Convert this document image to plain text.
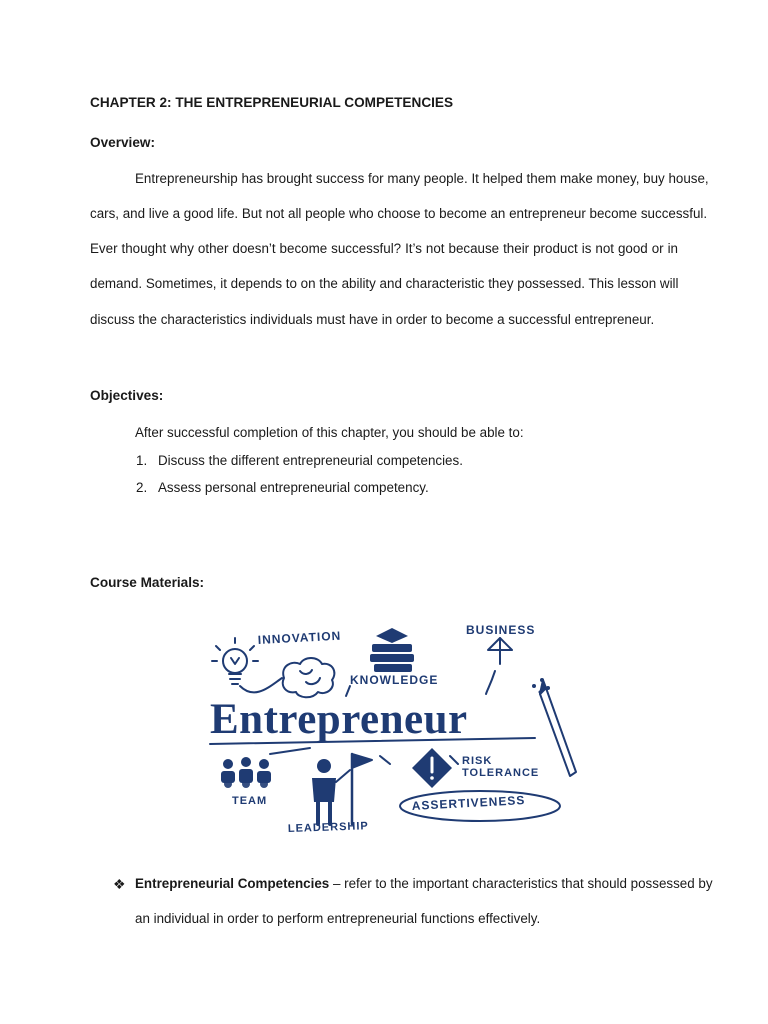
CHAPTER 2: THE ENTREPRENEURIAL COMPETENCIES
Overview:
Entrepreneurship has brought success for many people. It helped them make money, buy house,
cars, and live a good life. But not all people who choose to become an entrepreneur become successful.
Ever thought why other doesn’t become successful? It’s not because their product is not good or in
demand. Sometimes, it depends to on the ability and characteristic they possessed. This lesson will
discuss the characteristics individuals must have in order to become a successful entrepreneur.
Objectives:
After successful completion of this chapter, you should be able to:
1. Discuss the different entrepreneurial competencies.
2. Assess personal entrepreneurial competency.
Course Materials:
INNOVATION
KNOWLEDGE
BUSINESS
Entrepreneur
RISK
TOLERANCE
TEAM
LEADERSHIP
ASSERTIVENESS
❖ Entrepreneurial Competencies – refer to the important characteristics that should possessed by
an individual in order to perform entrepreneurial functions effectively.
